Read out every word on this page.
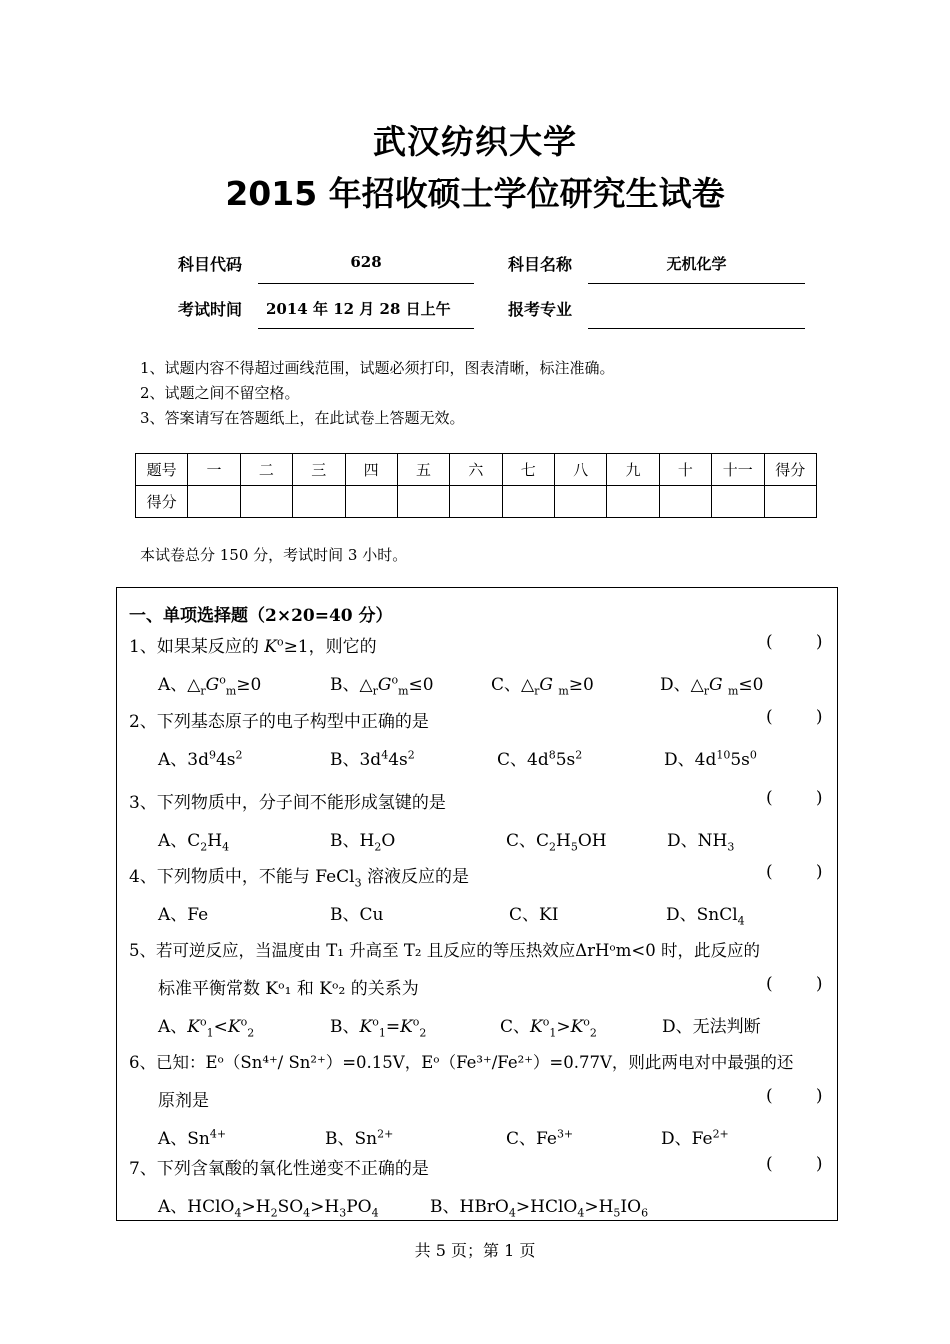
武汉纺织大学
2015 年招收硕士学位研究生试卷
科目代码	628	科目名称	无机化学
考试时间	2014 年 12 月 28 日上午	报考专业
1、试题内容不得超过画线范围，试题必须打印，图表清晰，标注准确。
2、试题之间不留空格。
3、答案请写在答题纸上，在此试卷上答题无效。
题号	一	二	三	四	五	六	七	八	九	十	十一	得分
得分												
本试卷总分 150 分，考试时间 3 小时。
一、单项选择题（2×20=40 分）
1、如果某反应的 $K^o\ge 1$，则它的	(        )
A、$\triangle_rG^o_m\ge 0$	B、$\triangle_rG^o_m\le 0$	C、$\triangle_rG$ $_m$≥0	D、$\triangle_rG$ $_m$≤0
2、下列基态原子的电子构型中正确的是	(        )
A、$3d^94s^2$	B、$3d^44s^2$	C、$4d^85s^2$	D、$4d^{10}5s^0$
3、下列物质中，分子间不能形成氢键的是	(        )
A、$C_2H_4$	B、$H_2O$	C、$C_2H_5OH$	D、$NH_3$
4、下列物质中，不能与 FeCl$_3$ 溶液反应的是	(        )
A、Fe	B、Cu	C、KI	D、SnCl$_4$
5、若可逆反应，当温度由 T₁ 升高至 T₂ 且反应的等压热效应ΔrHᵒm<0 时，此反应的
标准平衡常数 Kᵒ₁ 和 Kᵒ₂ 的关系为	(        )
A、$K^o_1<K^o_2$	B、$K^o_1=K^o_2$	C、$K^o_1>K^o_2$	D、无法判断
6、已知：Eᵒ（Sn⁴⁺/ Sn²⁺）=0.15V，Eᵒ（Fe³⁺/Fe²⁺）=0.77V，则此两电对中最强的还
原剂是	(        )
A、$Sn^{4+}$	B、$Sn^{2+}$	C、$Fe^{3+}$	D、$Fe^{2+}$
7、下列含氧酸的氧化性递变不正确的是	(        )
A、$HClO_4>H_2SO_4>H_3PO_4$	B、$HBrO_4>HClO_4>H_5IO_6$
共 5 页；第 1 页
